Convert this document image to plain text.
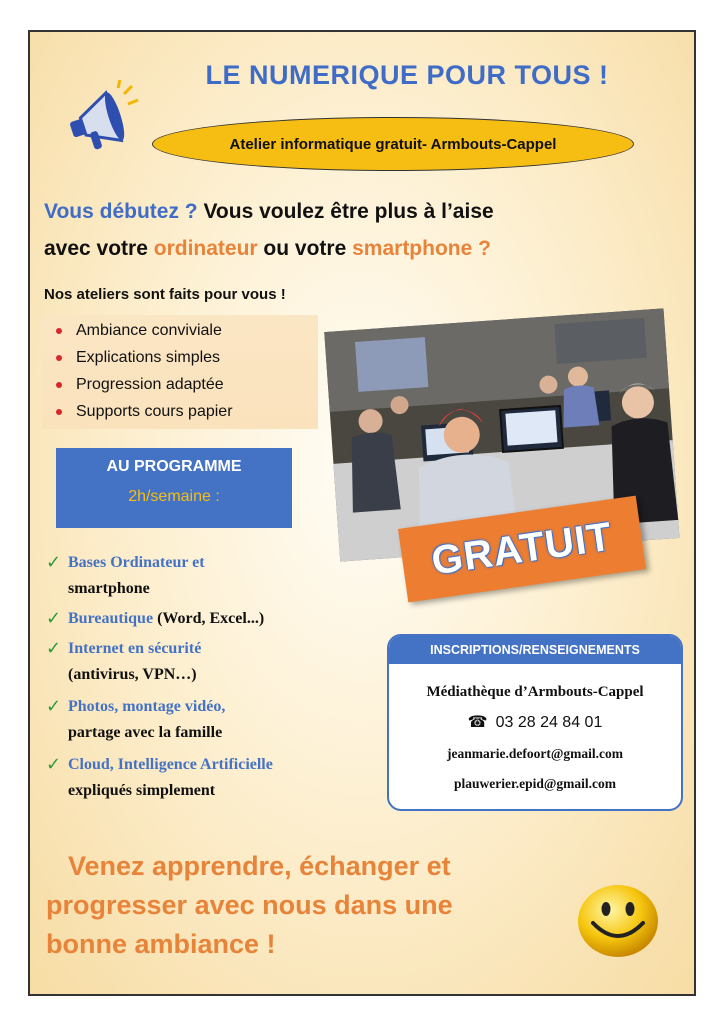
LE NUMERIQUE POUR TOUS !
Atelier informatique gratuit- Armbouts-Cappel
Vous débutez ? Vous voulez être plus à l’aise
avec votre ordinateur ou votre smartphone ?
Nos ateliers sont faits pour vous !
Ambiance conviviale
Explications simples
Progression adaptée
Supports cours papier
AU PROGRAMME
2h/semaine :
GRATUIT
✓ Bases Ordinateur et
smartphone
✓ Bureautique (Word, Excel...)
✓ Internet en sécurité
(antivirus, VPN…)
✓ Photos, montage vidéo,
partage avec la famille
✓ Cloud, Intelligence Artificielle
expliqués simplement
INSCRIPTIONS/RENSEIGNEMENTS
Médiathèque d’Armbouts-Cappel
☎ 03 28 24 84 01
jeanmarie.defoort@gmail.com
plauwerier.epid@gmail.com
Venez apprendre, échanger et
progresser avec nous dans une
bonne ambiance !
